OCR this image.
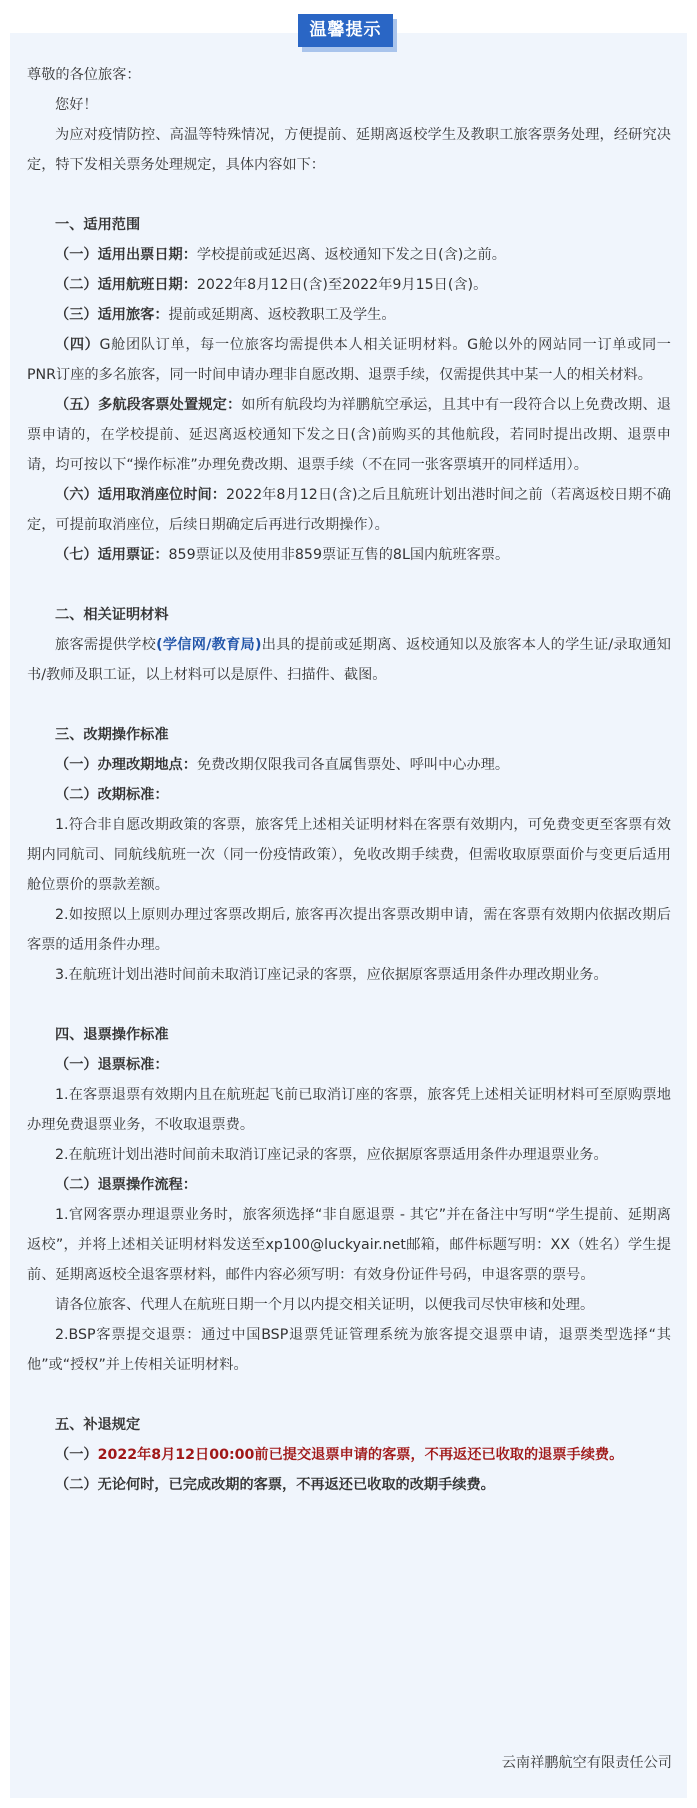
温馨提示

尊敬的各位旅客：

您好！

为应对疫情防控、高温等特殊情况，方便提前、延期离返校学生及教职工旅客票务处理，经研究决定，特下发相关票务处理规定，具体内容如下：

一、适用范围

（一）适用出票日期：学校提前或延迟离、返校通知下发之日(含)之前。

（二）适用航班日期：2022年8月12日(含)至2022年9月15日(含)。

（三）适用旅客：提前或延期离、返校教职工及学生。

（四）G舱团队订单，每一位旅客均需提供本人相关证明材料。G舱以外的网站同一订单或同一PNR订座的多名旅客，同一时间申请办理非自愿改期、退票手续，仅需提供其中某一人的相关材料。

（五）多航段客票处置规定：如所有航段均为祥鹏航空承运，且其中有一段符合以上免费改期、退票申请的，在学校提前、延迟离返校通知下发之日(含)前购买的其他航段，若同时提出改期、退票申请，均可按以下“操作标准”办理免费改期、退票手续（不在同一张客票填开的同样适用）。

（六）适用取消座位时间：2022年8月12日(含)之后且航班计划出港时间之前（若离返校日期不确定，可提前取消座位，后续日期确定后再进行改期操作）。

（七）适用票证：859票证以及使用非859票证互售的8L国内航班客票。

二、相关证明材料

旅客需提供学校(学信网/教育局)出具的提前或延期离、返校通知以及旅客本人的学生证/录取通知书/教师及职工证，以上材料可以是原件、扫描件、截图。

三、改期操作标准

（一）办理改期地点：免费改期仅限我司各直属售票处、呼叫中心办理。

（二）改期标准：

1.符合非自愿改期政策的客票，旅客凭上述相关证明材料在客票有效期内，可免费变更至客票有效期内同航司、同航线航班一次（同一份疫情政策），免收改期手续费，但需收取原票面价与变更后适用舱位票价的票款差额。

2.如按照以上原则办理过客票改期后, 旅客再次提出客票改期申请，需在客票有效期内依据改期后客票的适用条件办理。

3.在航班计划出港时间前未取消订座记录的客票，应依据原客票适用条件办理改期业务。

四、退票操作标准

（一）退票标准：

1.在客票退票有效期内且在航班起飞前已取消订座的客票，旅客凭上述相关证明材料可至原购票地办理免费退票业务，不收取退票费。

2.在航班计划出港时间前未取消订座记录的客票，应依据原客票适用条件办理退票业务。

（二）退票操作流程：

1.官网客票办理退票业务时，旅客须选择“非自愿退票 - 其它”并在备注中写明“学生提前、延期离返校”，并将上述相关证明材料发送至xp100@luckyair.net邮箱，邮件标题写明：XX（姓名）学生提前、延期离返校全退客票材料，邮件内容必须写明：有效身份证件号码，申退客票的票号。

请各位旅客、代理人在航班日期一个月以内提交相关证明，以便我司尽快审核和处理。

2.BSP客票提交退票：通过中国BSP退票凭证管理系统为旅客提交退票申请，退票类型选择“其他”或“授权”并上传相关证明材料。

五、补退规定

（一）2022年8月12日00:00前已提交退票申请的客票，不再返还已收取的退票手续费。

（二）无论何时，已完成改期的客票，不再返还已收取的改期手续费。

云南祥鹏航空有限责任公司
